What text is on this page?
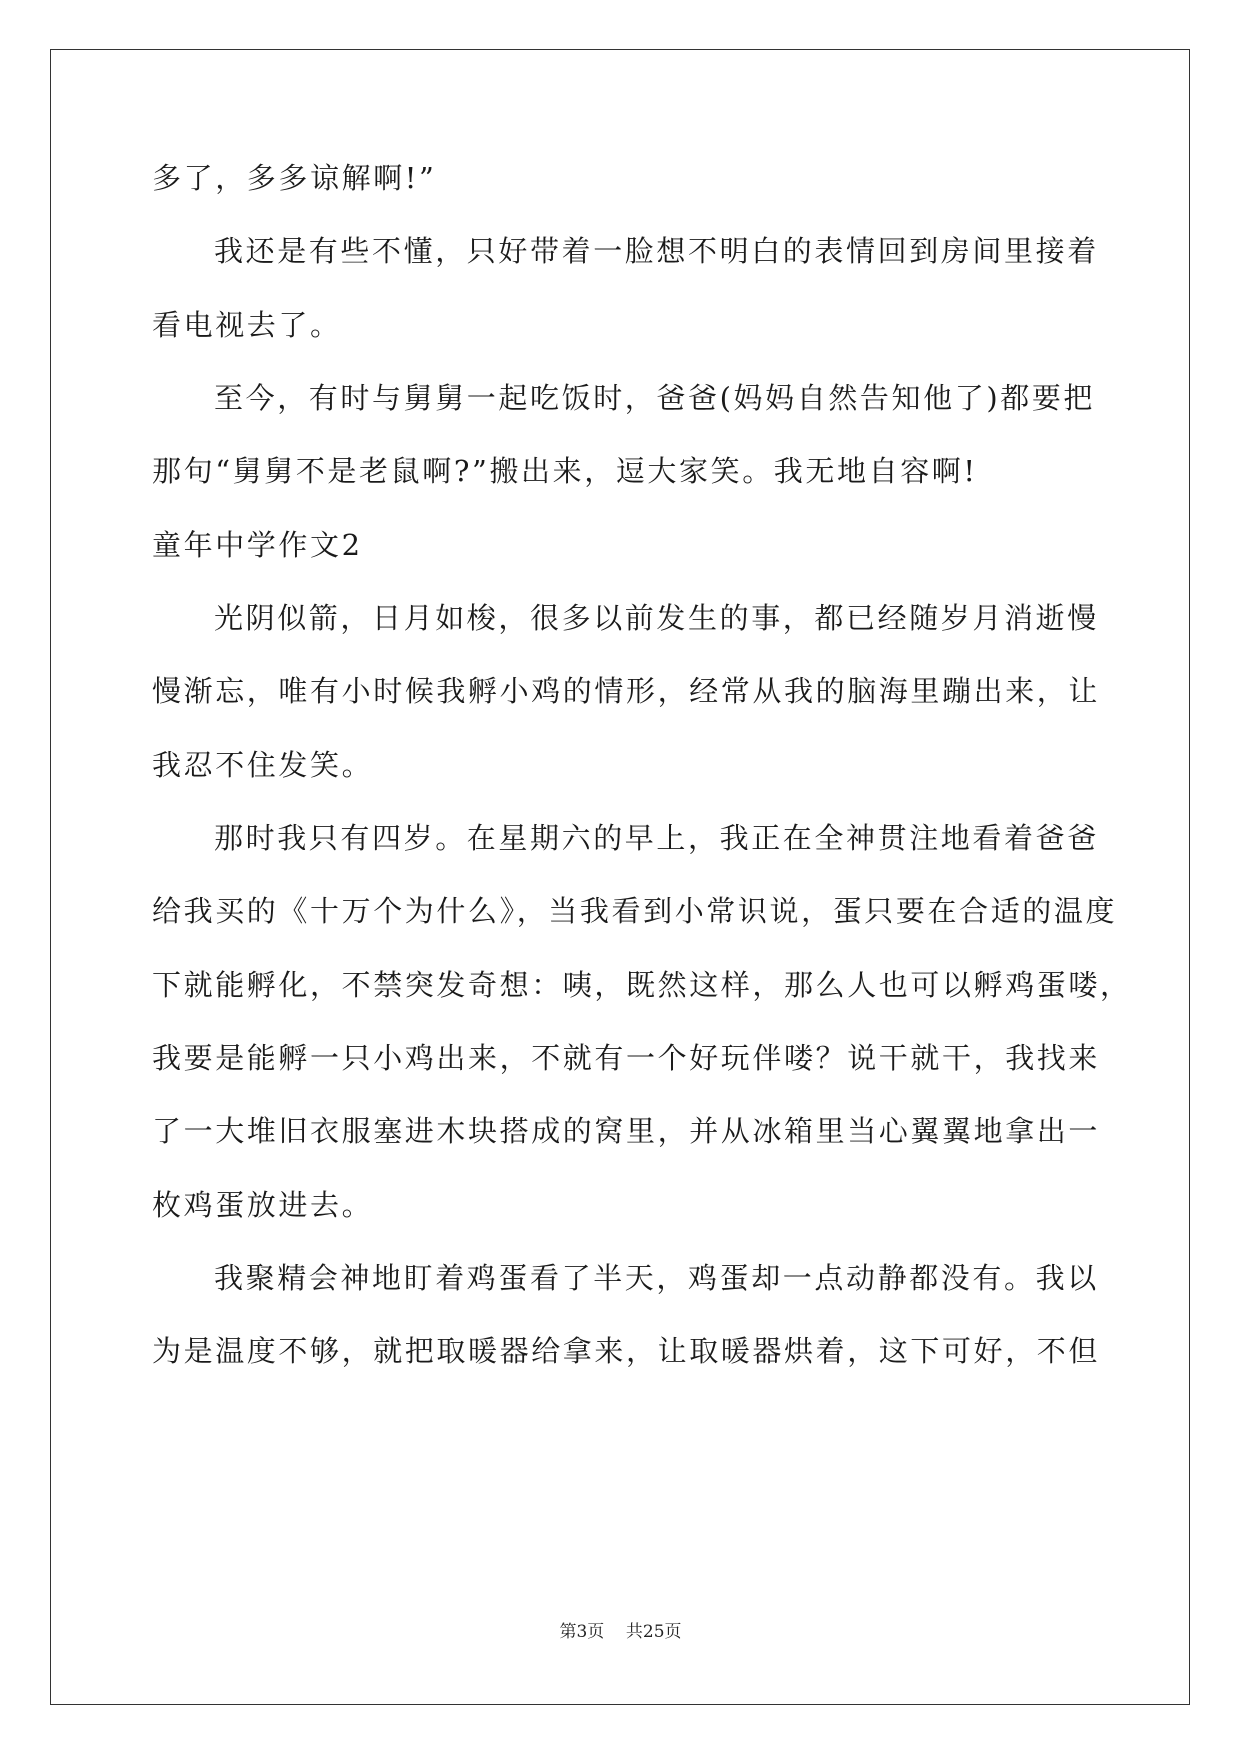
多了，多多谅解啊!”
我还是有些不懂，只好带着一脸想不明白的表情回到房间里接着
看电视去了。
至今，有时与舅舅一起吃饭时，爸爸(妈妈自然告知他了)都要把
那句“舅舅不是老鼠啊?”搬出来，逗大家笑。我无地自容啊!
童年中学作文2
光阴似箭，日月如梭，很多以前发生的事，都已经随岁月消逝慢
慢渐忘，唯有小时候我孵小鸡的情形，经常从我的脑海里蹦出来，让
我忍不住发笑。
那时我只有四岁。在星期六的早上，我正在全神贯注地看着爸爸
给我买的《十万个为什么》，当我看到小常识说，蛋只要在合适的温度
下就能孵化，不禁突发奇想：咦，既然这样，那么人也可以孵鸡蛋喽，
我要是能孵一只小鸡出来，不就有一个好玩伴喽？说干就干，我找来
了一大堆旧衣服塞进木块搭成的窝里，并从冰箱里当心翼翼地拿出一
枚鸡蛋放进去。
我聚精会神地盯着鸡蛋看了半天，鸡蛋却一点动静都没有。我以
为是温度不够，就把取暖器给拿来，让取暖器烘着，这下可好，不但
第3页 共25页
